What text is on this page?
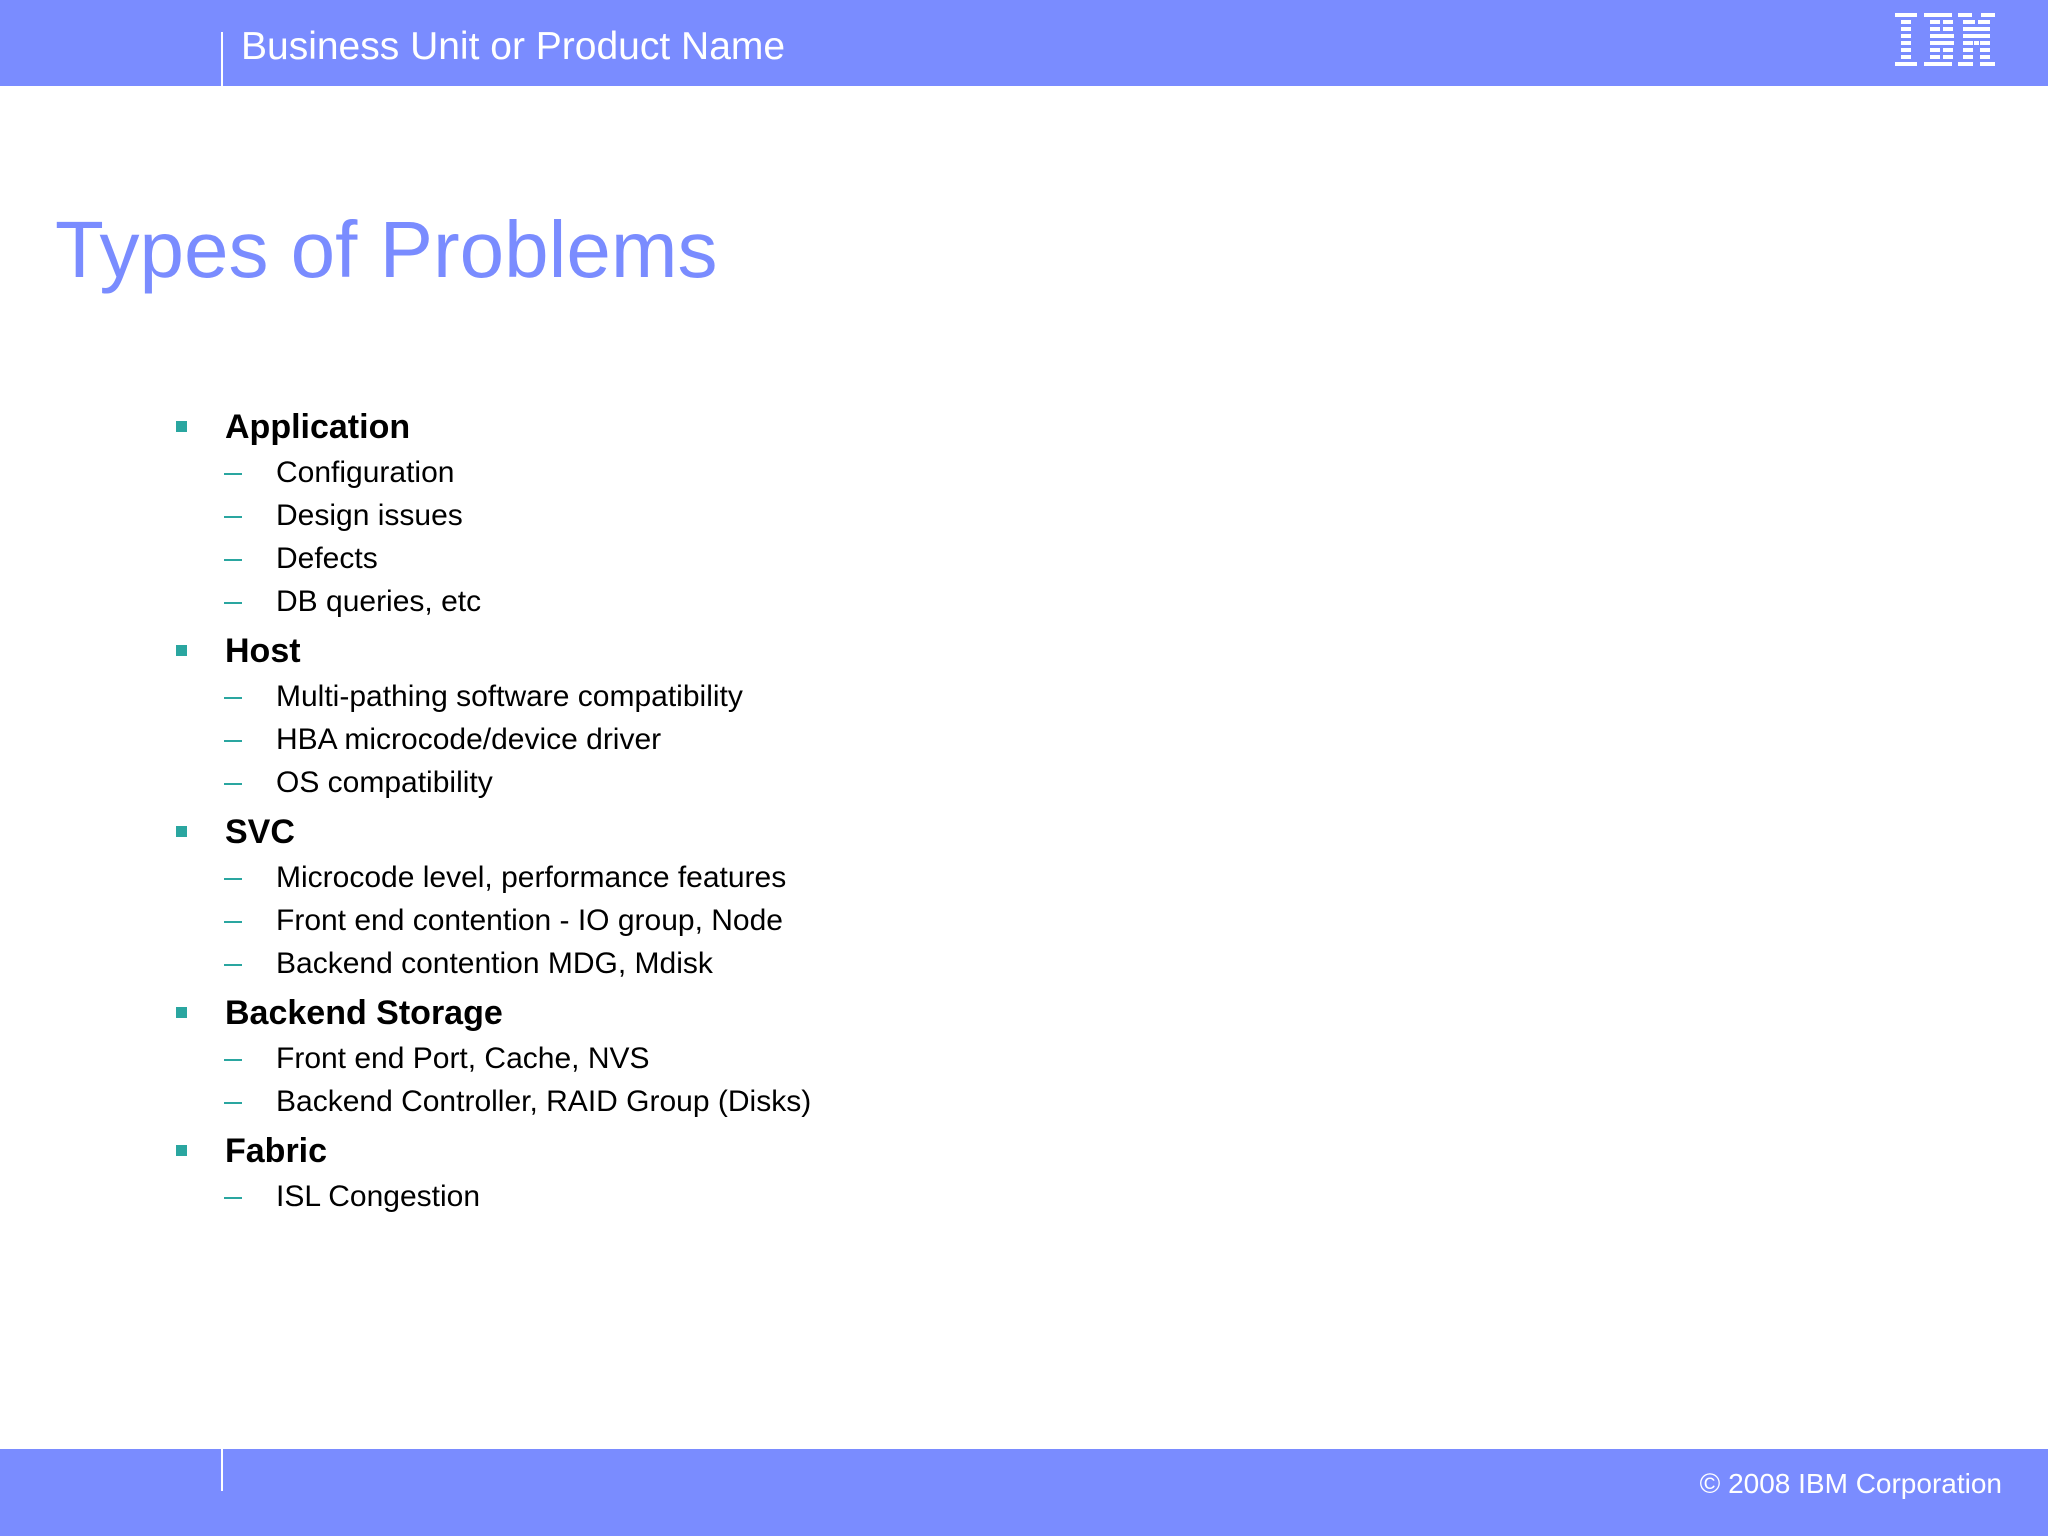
Business Unit or Product Name
Types of Problems
Application
Configuration
Design issues
Defects
DB queries, etc
Host
Multi-pathing software compatibility
HBA microcode/device driver
OS compatibility
SVC
Microcode level, performance features
Front end contention - IO group, Node
Backend contention MDG, Mdisk
Backend Storage
Front end Port, Cache, NVS
Backend Controller, RAID Group (Disks)
Fabric
ISL Congestion
© 2008 IBM Corporation
